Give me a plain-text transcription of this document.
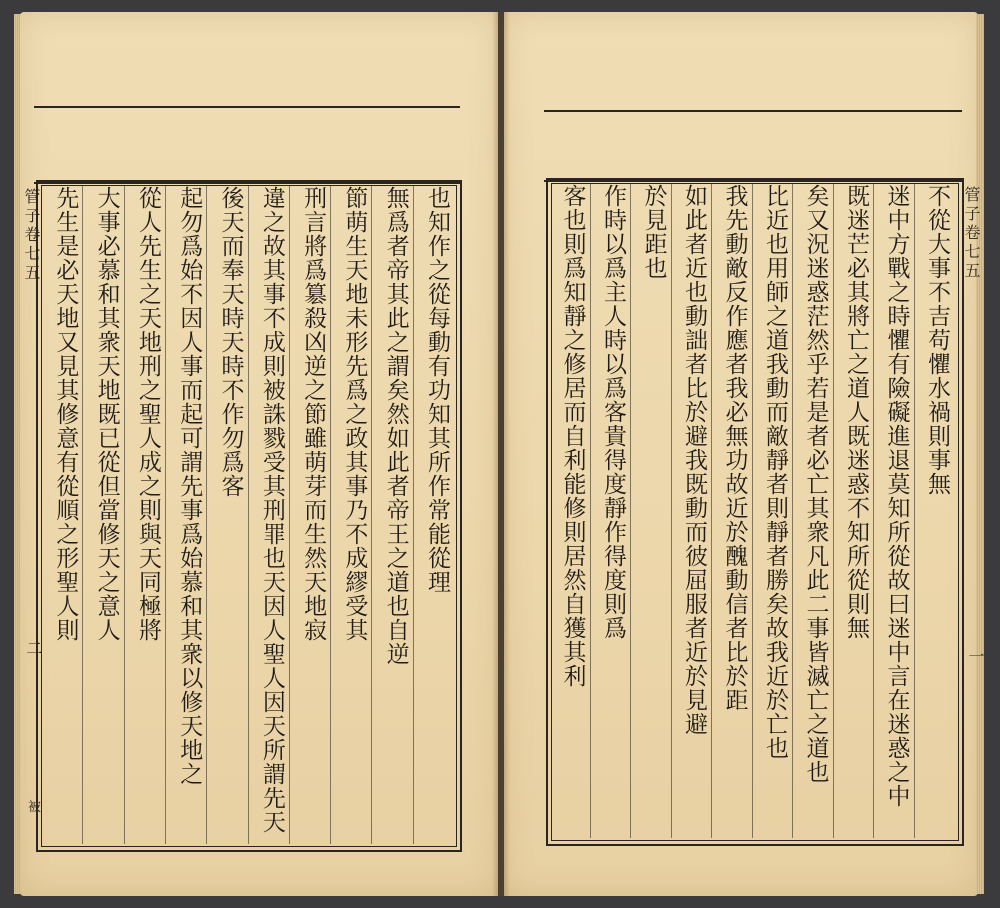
也知作之從每動有功知其所作常能從理
無爲者帝其此之謂矣然如此者帝王之道也自逆
節萌生天地未形先爲之政其事乃不成繆受其
刑言將爲簒殺凶逆之節雖萌芽而生然天地寂
違之故其事不成則被誅戮受其刑罪也天因人聖人因天所謂先天
後天而奉天時天時不作勿爲客
起勿爲始不因人事而起可謂先事爲始慕和其衆以修天地之
從人先生之天地刑之聖人成之則與天同極將
大事必慕和其衆天地既已從但當修天之意人
先生是必天地又見其修意有從順之形聖人則
管子卷七五
二
被
不從大事不吉苟懼水禍則事無
迷中方戰之時懼有險礙進退莫知所從故曰迷中言在迷惑之中
既迷芒必其將亡之道人既迷惑不知所從則無
矣又況迷惑茫然乎若是者必亡其衆凡此二事皆滅亡之道也
比近也用師之道我動而敵靜者則靜者勝矣故我近於亡也
我先動敵反作應者我必無功故近於醜動信者比於距
如此者近也動詘者比於避我既動而彼屈服者近於見避
於見距也
作時以爲主人時以爲客貴得度靜作得度則爲
客也則爲知靜之修居而自利能修則居然自獲其利	管子卷七五
一
